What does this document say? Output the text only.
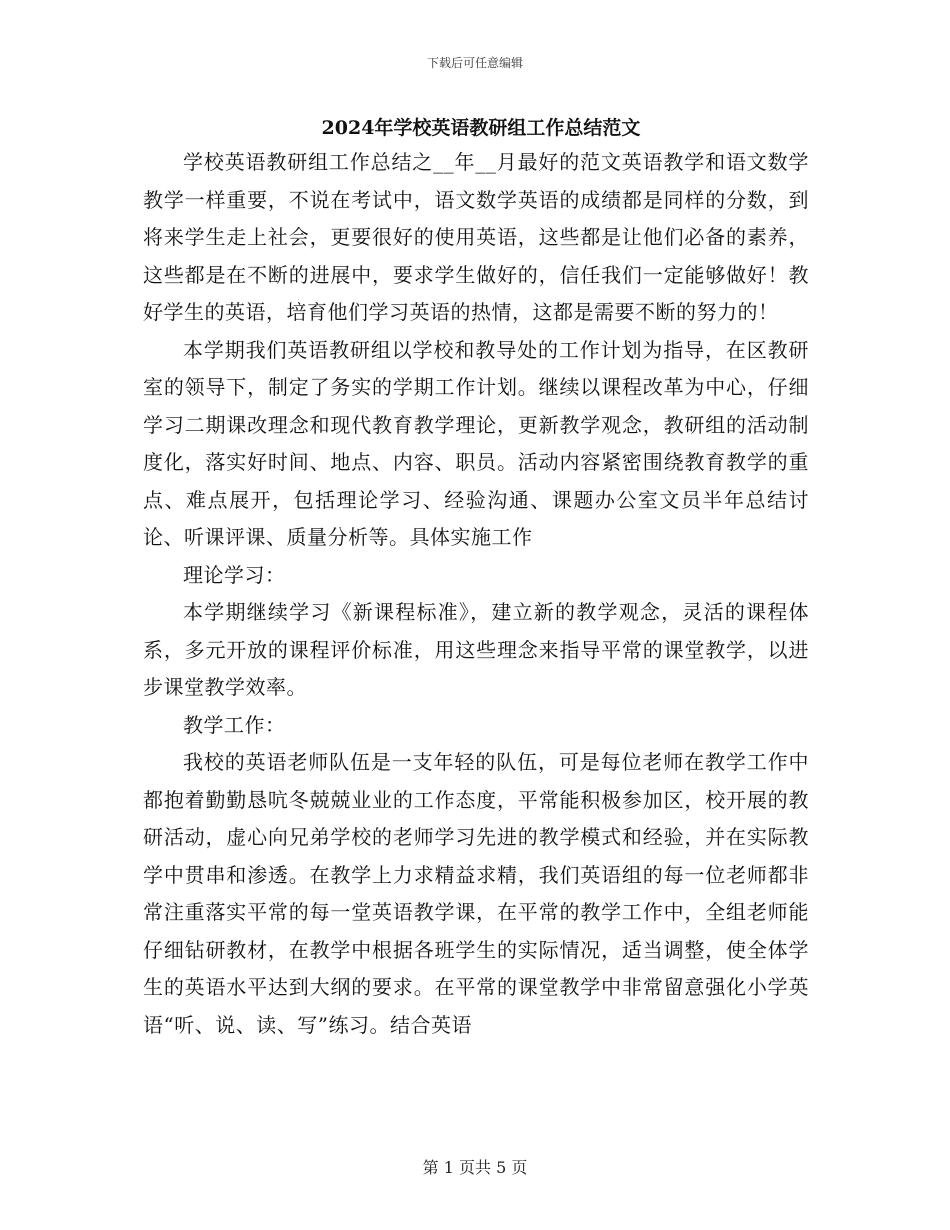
下载后可任意编辑
2024年学校英语教研组工作总结范文

学校英语教研组工作总结之__年__月最好的范文英语教学和语文数学教学一样重要，不说在考试中，语文数学英语的成绩都是同样的分数，到将来学生走上社会，更要很好的使用英语，这些都是让他们必备的素养，这些都是在不断的进展中，要求学生做好的，信任我们一定能够做好！教好学生的英语，培育他们学习英语的热情，这都是需要不断的努力的！

本学期我们英语教研组以学校和教导处的工作计划为指导，在区教研室的领导下，制定了务实的学期工作计划。继续以课程改革为中心，仔细学习二期课改理念和现代教育教学理论，更新教学观念，教研组的活动制度化，落实好时间、地点、内容、职员。活动内容紧密围绕教育教学的重点、难点展开，包括理论学习、经验沟通、课题办公室文员半年总结讨论、听课评课、质量分析等。具体实施工作

理论学习：

本学期继续学习《新课程标准》，建立新的教学观念，灵活的课程体系，多元开放的课程评价标准，用这些理念来指导平常的课堂教学，以进步课堂教学效率。

教学工作：

我校的英语老师队伍是一支年轻的队伍，可是每位老师在教学工作中都抱着勤勤恳吭冬兢兢业业的工作态度，平常能积极参加区，校开展的教研活动，虚心向兄弟学校的老师学习先进的教学模式和经验，并在实际教学中贯串和渗透。在教学上力求精益求精，我们英语组的每一位老师都非常注重落实平常的每一堂英语教学课，在平常的教学工作中，全组老师能仔细钻研教材，在教学中根据各班学生的实际情况，适当调整，使全体学生的英语水平达到大纲的要求。在平常的课堂教学中非常留意强化小学英语“听、说、读、写”练习。结合英语

第 1 页共 5 页
